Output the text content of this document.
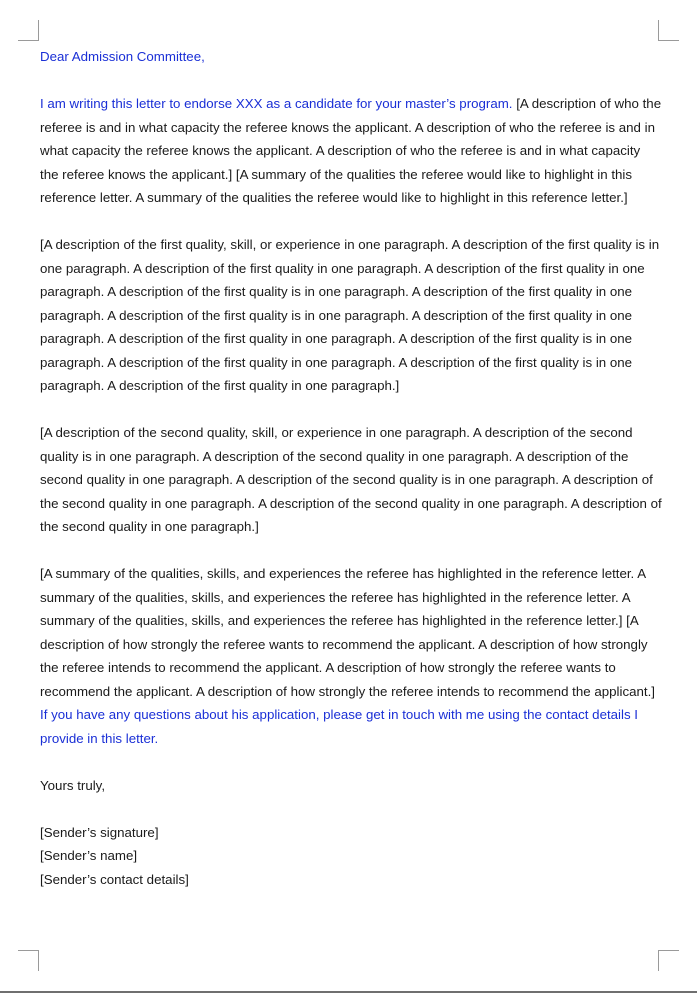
Dear Admission Committee,

I am writing this letter to endorse XXX as a candidate for your master’s program. [A description of who the referee is and in what capacity the referee knows the applicant. A description of who the referee is and in what capacity the referee knows the applicant. A description of who the referee is and in what capacity the referee knows the applicant.] [A summary of the qualities the referee would like to highlight in this reference letter. A summary of the qualities the referee would like to highlight in this reference letter.]

[A description of the first quality, skill, or experience in one paragraph. A description of the first quality is in one paragraph. A description of the first quality in one paragraph. A description of the first quality in one paragraph. A description of the first quality is in one paragraph. A description of the first quality in one paragraph. A description of the first quality is in one paragraph. A description of the first quality in one paragraph. A description of the first quality in one paragraph. A description of the first quality is in one paragraph. A description of the first quality in one paragraph. A description of the first quality is in one paragraph. A description of the first quality in one paragraph.]

[A description of the second quality, skill, or experience in one paragraph. A description of the second quality is in one paragraph. A description of the second quality in one paragraph. A description of the second quality in one paragraph. A description of the second quality is in one paragraph. A description of the second quality in one paragraph. A description of the second quality in one paragraph. A description of the second quality in one paragraph.]

[A summary of the qualities, skills, and experiences the referee has highlighted in the reference letter. A summary of the qualities, skills, and experiences the referee has highlighted in the reference letter. A summary of the qualities, skills, and experiences the referee has highlighted in the reference letter.] [A description of how strongly the referee wants to recommend the applicant. A description of how strongly the referee intends to recommend the applicant. A description of how strongly the referee wants to recommend the applicant. A description of how strongly the referee intends to recommend the applicant.] If you have any questions about his application, please get in touch with me using the contact details I provide in this letter.

Yours truly,

[Sender’s signature]

[Sender’s name]

[Sender’s contact details]
